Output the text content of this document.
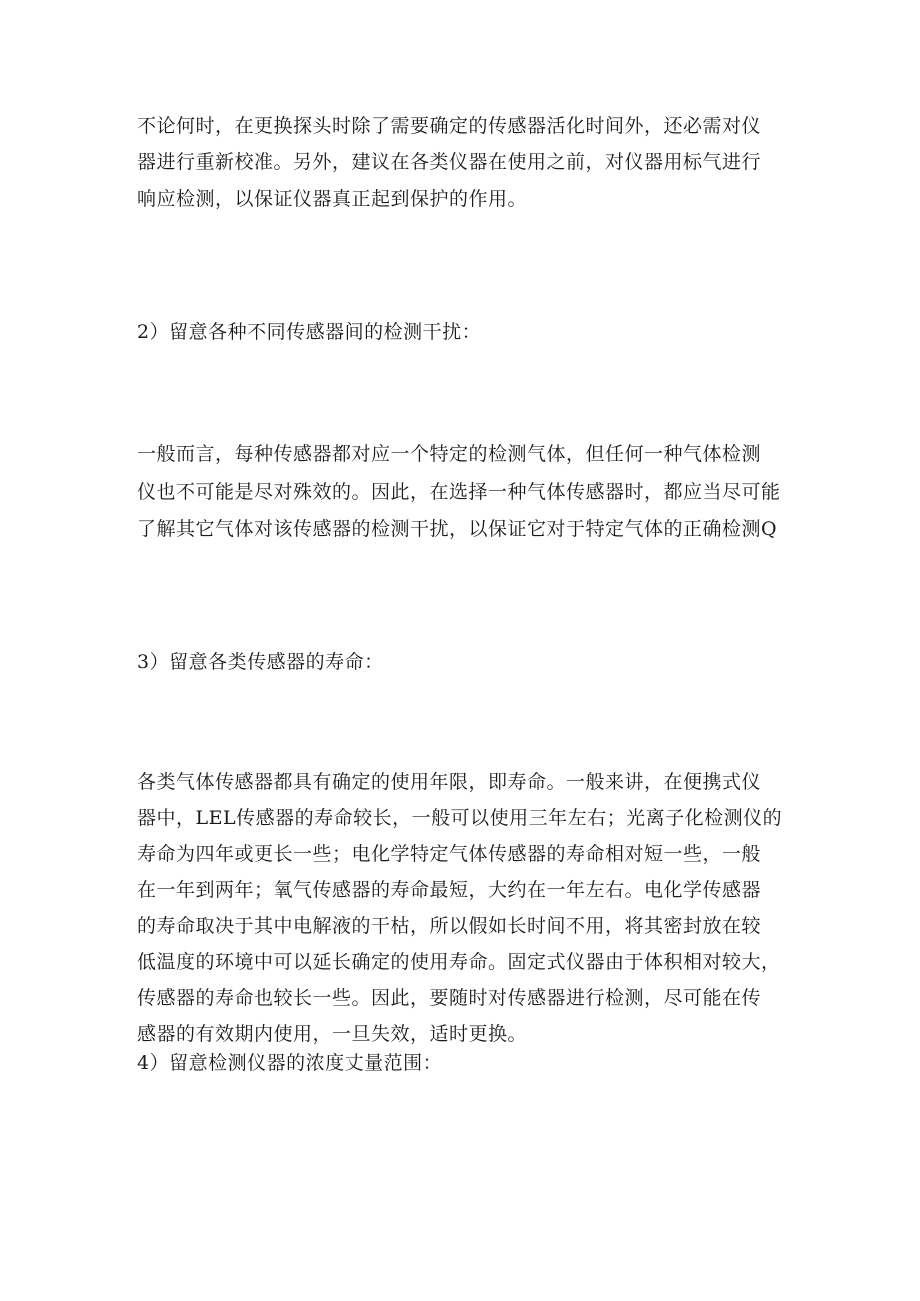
不论何时，在更换探头时除了需要确定的传感器活化时间外，还必需对仪
器进行重新校准。另外，建议在各类仪器在使用之前，对仪器用标气进行
响应检测，以保证仪器真正起到保护的作用。
2）留意各种不同传感器间的检测干扰：
一般而言，每种传感器都对应一个特定的检测气体，但任何一种气体检测
仪也不可能是尽对殊效的。因此，在选择一种气体传感器时，都应当尽可能
了解其它气体对该传感器的检测干扰，以保证它对于特定气体的正确检测Q
3）留意各类传感器的寿命：
各类气体传感器都具有确定的使用年限，即寿命。一般来讲，在便携式仪
器中，LEL传感器的寿命较长，一般可以使用三年左右；光离子化检测仪的
寿命为四年或更长一些；电化学特定气体传感器的寿命相对短一些，一般
在一年到两年；氧气传感器的寿命最短，大约在一年左右。电化学传感器
的寿命取决于其中电解液的干枯，所以假如长时间不用，将其密封放在较
低温度的环境中可以延长确定的使用寿命。固定式仪器由于体积相对较大，
传感器的寿命也较长一些。因此，要随时对传感器进行检测，尽可能在传
感器的有效期内使用，一旦失效，适时更换。
4）留意检测仪器的浓度丈量范围：
